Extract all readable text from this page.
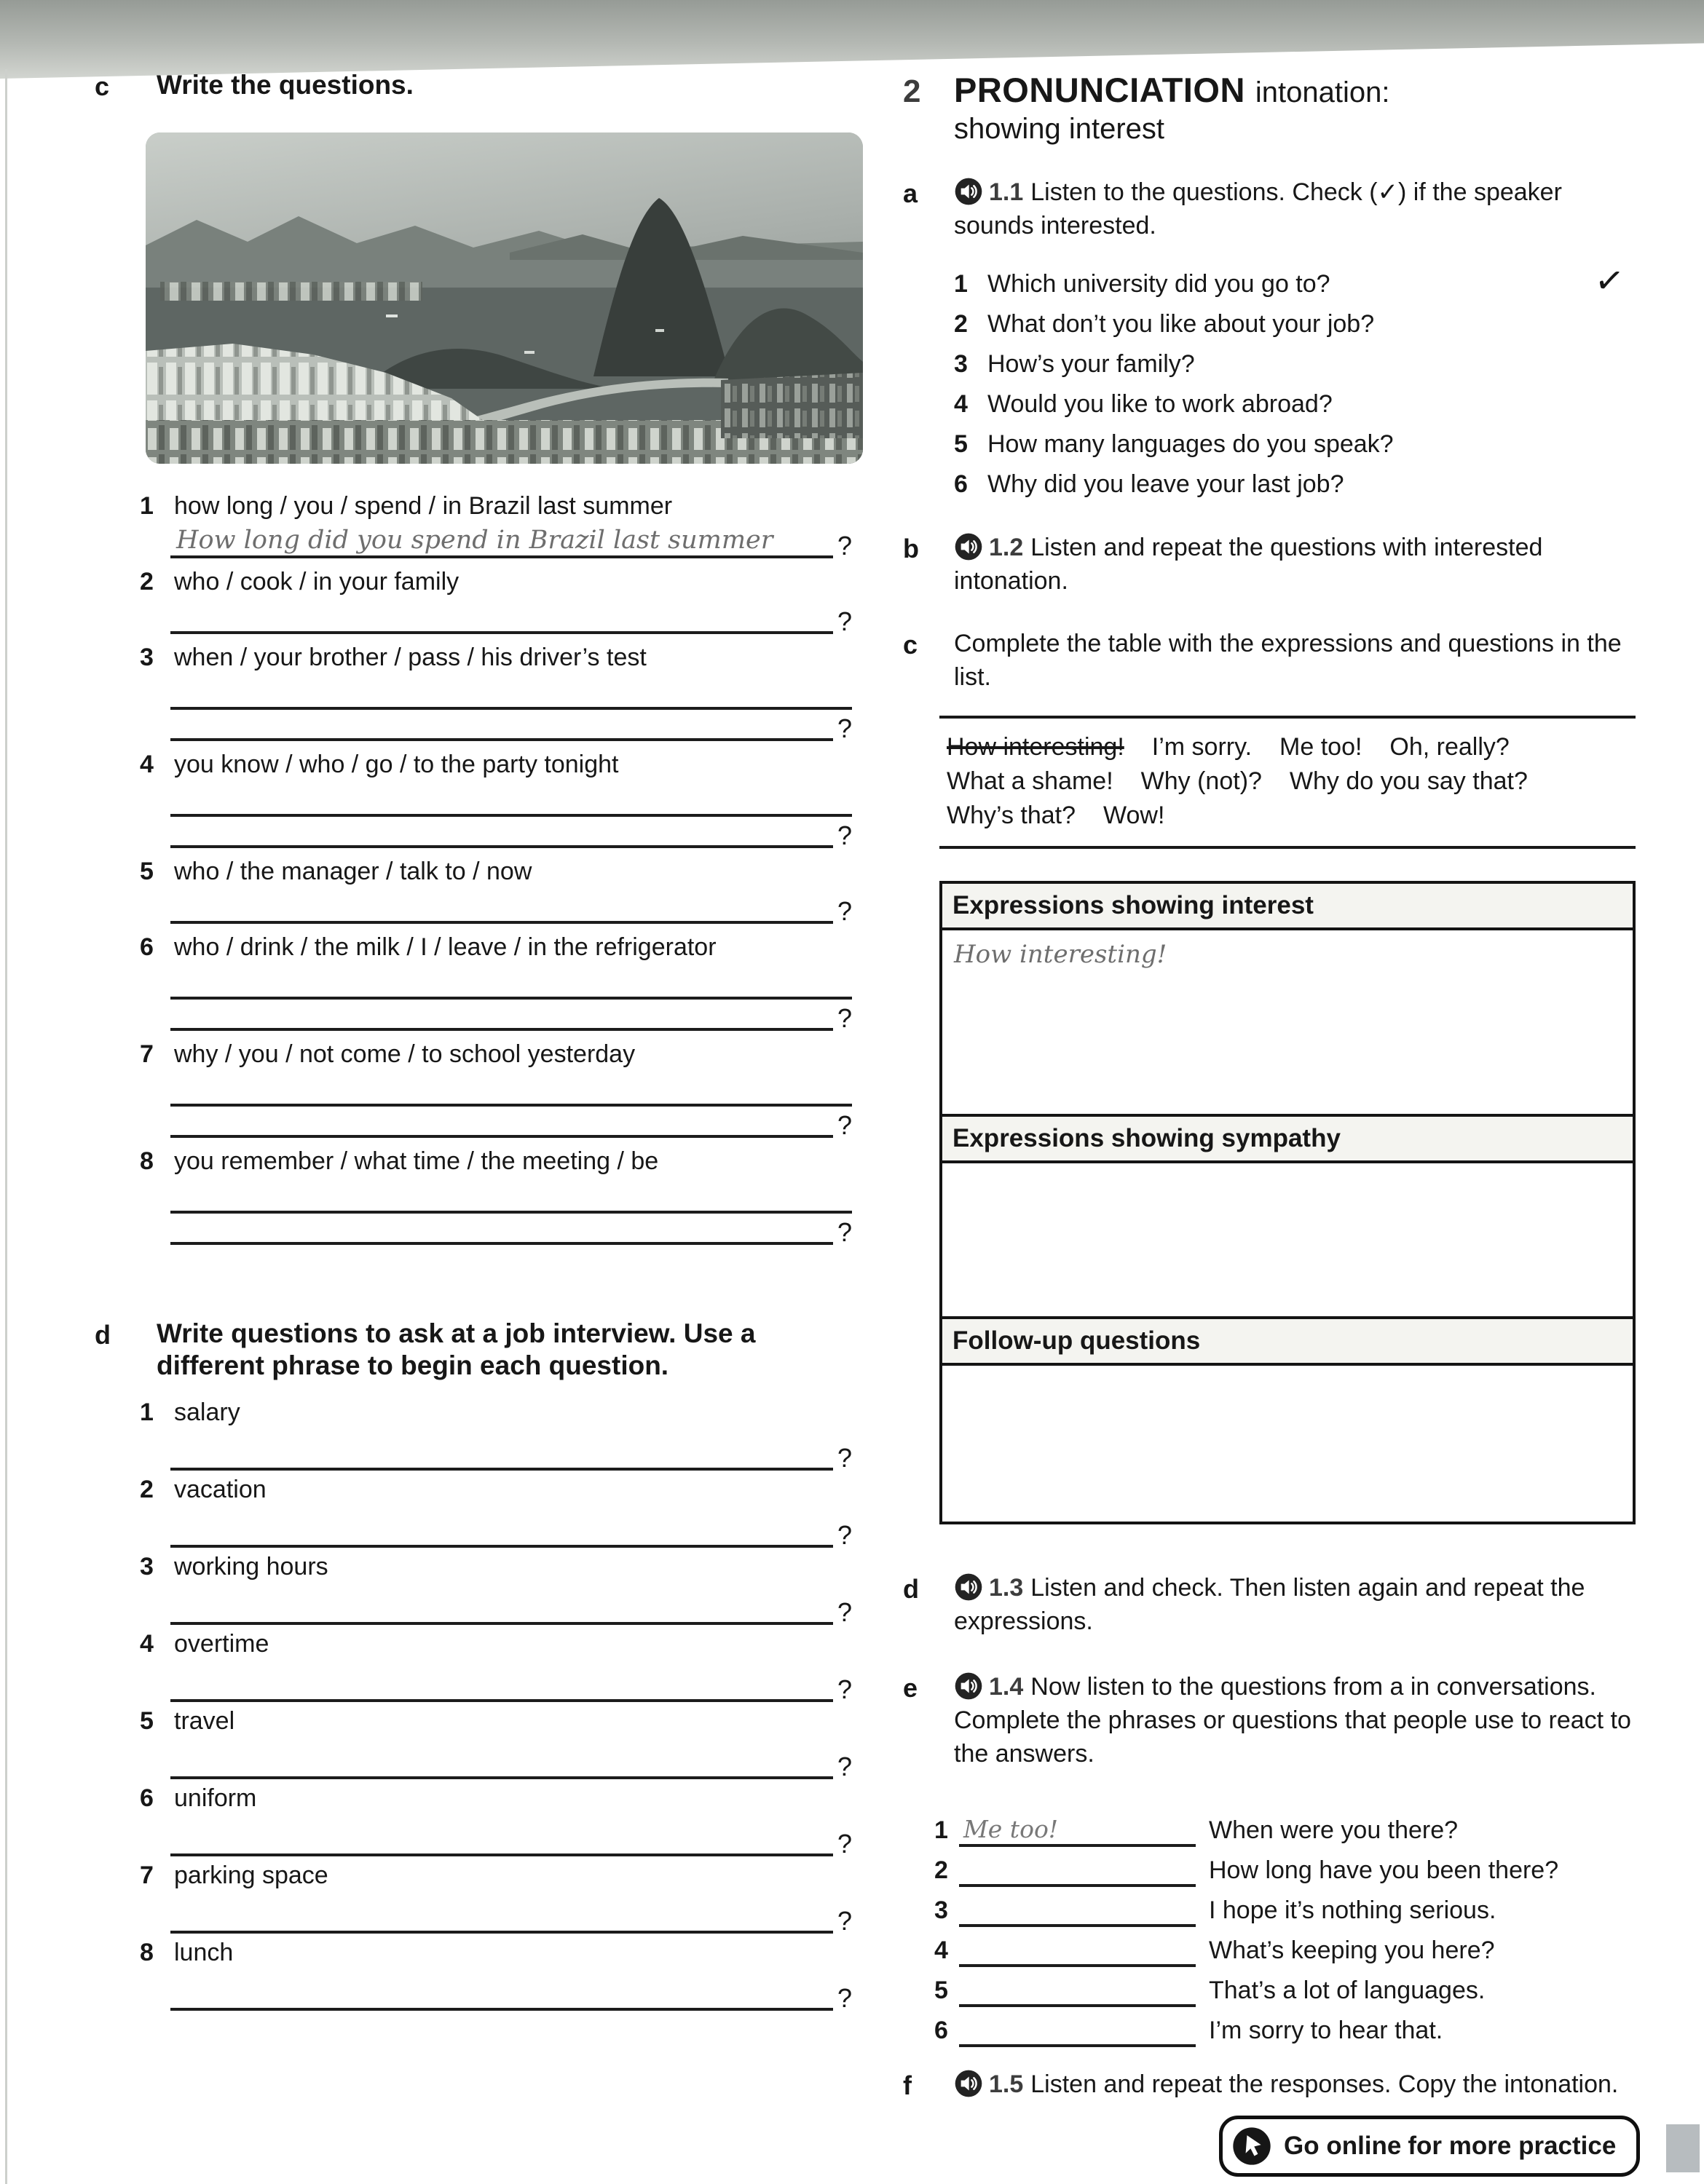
c	Write the questions.
1 how long / you / spend / in Brazil last summer
How long did you spend in Brazil last summer ?
2 who / cook / in your family
?
3 when / your brother / pass / his driver’s test
?
4 you know / who / go / to the party tonight
?
5 who / the manager / talk to / now
?
6 who / drink / the milk / I / leave / in the refrigerator
?
7 why / you / not come / to school yesterday
?
8 you remember / what time / the meeting / be
?
d	Write questions to ask at a job interview. Use a different phrase to begin each question.
1 salary
?
2 vacation
?
3 working hours
?
4 overtime
?
5 travel
?
6 uniform
?
7 parking space
?
8 lunch
?
2 PRONUNCIATION intonation:
showing interest
a	1.1 Listen to the questions. Check (✓) if the speaker sounds interested.
1 Which university did you go to?	✓
2 What don’t you like about your job?
3 How’s your family?
4 Would you like to work abroad?
5 How many languages do you speak?
6 Why did you leave your last job?
b	1.2 Listen and repeat the questions with interested intonation.
c	Complete the table with the expressions and questions in the list.
How interesting! I’m sorry. Me too! Oh, really?
What a shame! Why (not)? Why do you say that?
Why’s that? Wow!
Expressions showing interest
How interesting!
Expressions showing sympathy
Follow-up questions
d	1.3 Listen and check. Then listen again and repeat the expressions.
e	1.4 Now listen to the questions from a in conversations. Complete the phrases or questions that people use to react to the answers.
1 Me too!	When were you there?
2	How long have you been there?
3	I hope it’s nothing serious.
4	What’s keeping you here?
5	That’s a lot of languages.
6	I’m sorry to hear that.
f	1.5 Listen and repeat the responses. Copy the intonation.
Go online for more practice
